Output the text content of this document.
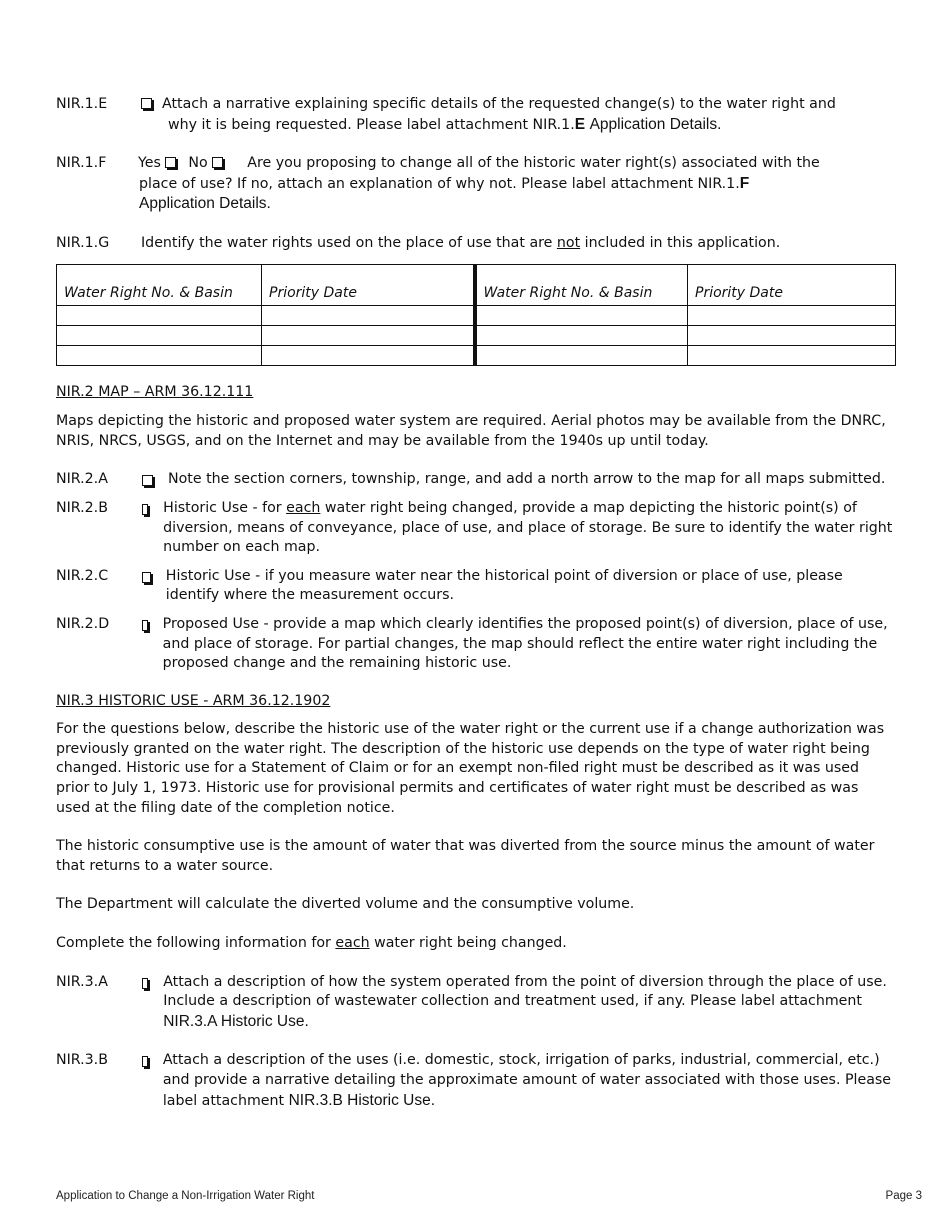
NIR.1.E	Attach a narrative explaining specific details of the requested change(s) to the water right and
why it is being requested. Please label attachment NIR.1.E Application Details.
NIR.1.F Yes No	Are you proposing to change all of the historic water right(s) associated with the
place of use? If no, attach an explanation of why not. Please label attachment NIR.1.F
Application Details.
NIR.1.G Identify the water rights used on the place of use that are not included in this application.
Water Right No. & Basin	Priority Date	Water Right No. & Basin	Priority Date

NIR.2 MAP – ARM 36.12.111

Maps depicting the historic and proposed water system are required. Aerial photos may be available from the DNRC, NRIS, NRCS, USGS, and on the Internet and may be available from the 1940s up until today.

NIR.2.A	Note the section corners, township, range, and add a north arrow to the map for all maps submitted.
NIR.2.B	Historic Use - for each water right being changed, provide a map depicting the historic point(s) of diversion, means of conveyance, place of use, and place of storage. Be sure to identify the water right number on each map.
NIR.2.C	Historic Use - if you measure water near the historical point of diversion or place of use, please identify where the measurement occurs.
NIR.2.D	Proposed Use - provide a map which clearly identifies the proposed point(s) of diversion, place of use, and place of storage. For partial changes, the map should reflect the entire water right including the proposed change and the remaining historic use.

NIR.3 HISTORIC USE - ARM 36.12.1902

For the questions below, describe the historic use of the water right or the current use if a change authorization was previously granted on the water right. The description of the historic use depends on the type of water right being changed. Historic use for a Statement of Claim or for an exempt non-filed right must be described as it was used prior to July 1, 1973. Historic use for provisional permits and certificates of water right must be described as was used at the filing date of the completion notice.

The historic consumptive use is the amount of water that was diverted from the source minus the amount of water that returns to a water source.

The Department will calculate the diverted volume and the consumptive volume.

Complete the following information for each water right being changed.

NIR.3.A	Attach a description of how the system operated from the point of diversion through the place of use. Include a description of wastewater collection and treatment used, if any. Please label attachment NIR.3.A Historic Use.
NIR.3.B	Attach a description of the uses (i.e. domestic, stock, irrigation of parks, industrial, commercial, etc.) and provide a narrative detailing the approximate amount of water associated with those uses. Please label attachment NIR.3.B Historic Use.
Application to Change a Non-Irrigation Water Right	Page 3
